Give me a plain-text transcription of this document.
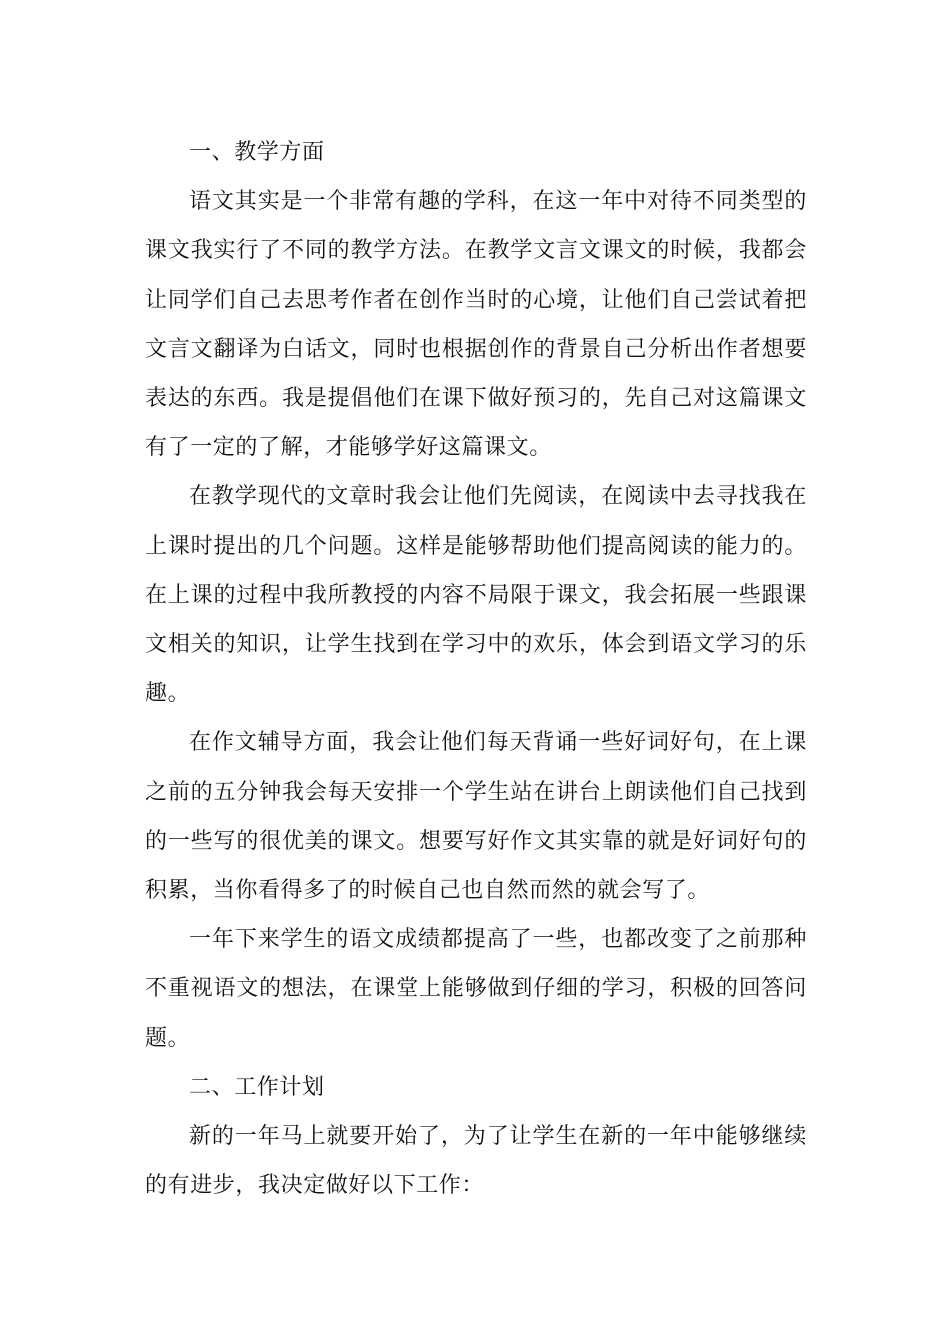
一、教学方面

语文其实是一个非常有趣的学科，在这一年中对待不同类型的课文我实行了不同的教学方法。在教学文言文课文的时候，我都会让同学们自己去思考作者在创作当时的心境，让他们自己尝试着把文言文翻译为白话文，同时也根据创作的背景自己分析出作者想要表达的东西。我是提倡他们在课下做好预习的，先自己对这篇课文有了一定的了解，才能够学好这篇课文。

在教学现代的文章时我会让他们先阅读，在阅读中去寻找我在上课时提出的几个问题。这样是能够帮助他们提高阅读的能力的。在上课的过程中我所教授的内容不局限于课文，我会拓展一些跟课文相关的知识，让学生找到在学习中的欢乐，体会到语文学习的乐趣。

在作文辅导方面，我会让他们每天背诵一些好词好句，在上课之前的五分钟我会每天安排一个学生站在讲台上朗读他们自己找到的一些写的很优美的课文。想要写好作文其实靠的就是好词好句的积累，当你看得多了的时候自己也自然而然的就会写了。

一年下来学生的语文成绩都提高了一些，也都改变了之前那种不重视语文的想法，在课堂上能够做到仔细的学习，积极的回答问题。

二、工作计划

新的一年马上就要开始了，为了让学生在新的一年中能够继续的有进步，我决定做好以下工作：
